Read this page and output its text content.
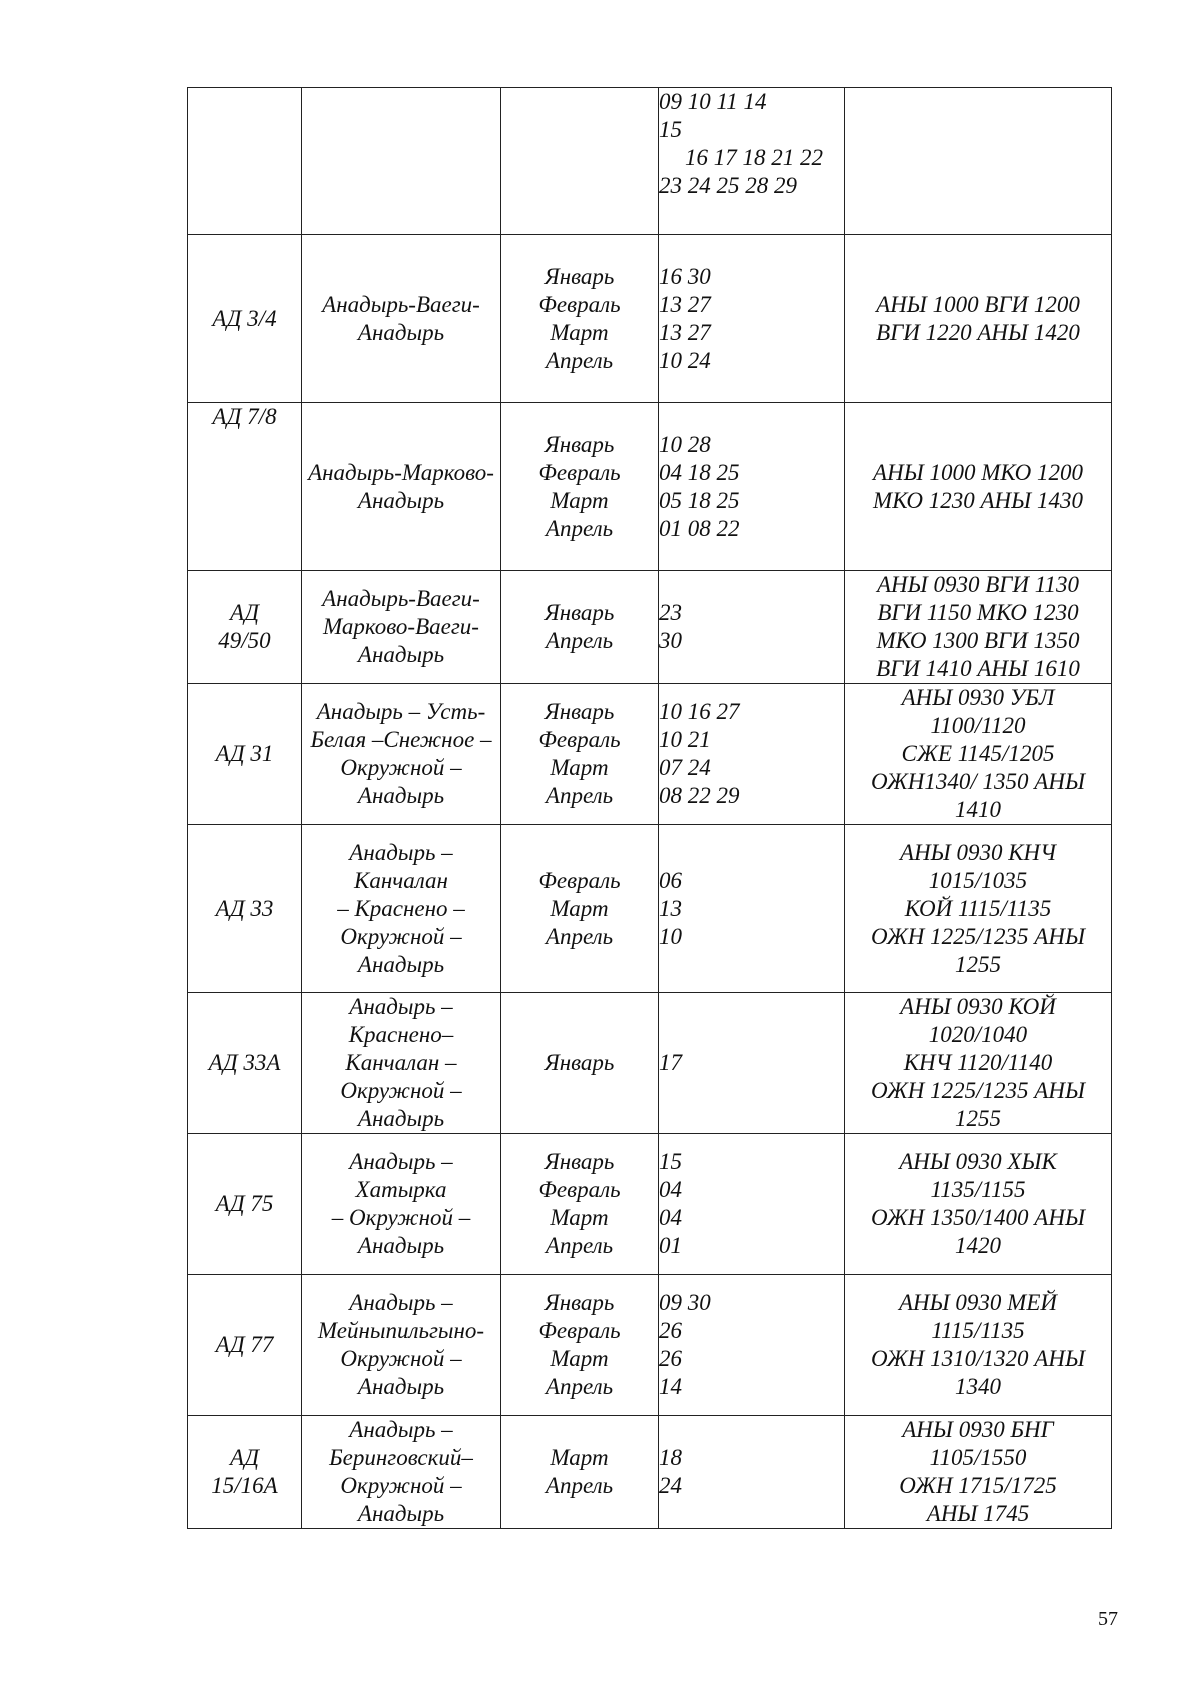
			09 10 11 14
15
16 17 18 21 22
23 24 25 28 29	

АД 3/4	Анадырь-Ваеги-
Анадырь	Январь
Февраль
Март
Апрель	16 30
13 27
13 27
10 24	АНЫ 1000 ВГИ 1200
ВГИ 1220 АНЫ 1420

АД 7/8	Анадырь-Марково-
Анадырь	Январь
Февраль
Март
Апрель	10 28
04 18 25
05 18 25
01 08 22	АНЫ 1000 МКО 1200
МКО 1230 АНЫ 1430

АД
49/50	Анадырь-Ваеги-
Марково-Ваеги-
Анадырь	Январь
Апрель	23
30	АНЫ 0930 ВГИ 1130
ВГИ 1150 МКО 1230
МКО 1300 ВГИ 1350
ВГИ 1410 АНЫ 1610

АД 31	Анадырь – Усть-
Белая –Снежное –
Окружной –
Анадырь	Январь
Февраль
Март
Апрель	10 16 27
10 21
07 24
08 22 29	АНЫ 0930 УБЛ
1100/1120
СЖЕ 1145/1205
ОЖН1340/ 1350 АНЫ
1410

АД 33	Анадырь –
Канчалан
– Краснено –
Окружной –
Анадырь	Февраль
Март
Апрель	06
13
10	АНЫ 0930 КНЧ
1015/1035
КОЙ 1115/1135
ОЖН 1225/1235 АНЫ
1255

АД 33А	Анадырь –
Краснено–
Канчалан –
Окружной –
Анадырь	Январь	17	АНЫ 0930 КОЙ
1020/1040
КНЧ 1120/1140
ОЖН 1225/1235 АНЫ
1255

АД 75	Анадырь –
Хатырка
– Окружной –
Анадырь	Январь
Февраль
Март
Апрель	15
04
04
01	АНЫ 0930 ХЫК
1135/1155
ОЖН 1350/1400 АНЫ
1420

АД 77	Анадырь –
Мейныпильгыно-
Окружной –
Анадырь	Январь
Февраль
Март
Апрель	09 30
26
26
14	АНЫ 0930 МЕЙ
1115/1135
ОЖН 1310/1320 АНЫ
1340

АД
15/16А	Анадырь –
Беринговский–
Окружной –
Анадырь	Март
Апрель	18
24	АНЫ 0930 БНГ
1105/1550
ОЖН 1715/1725
АНЫ 1745
57
